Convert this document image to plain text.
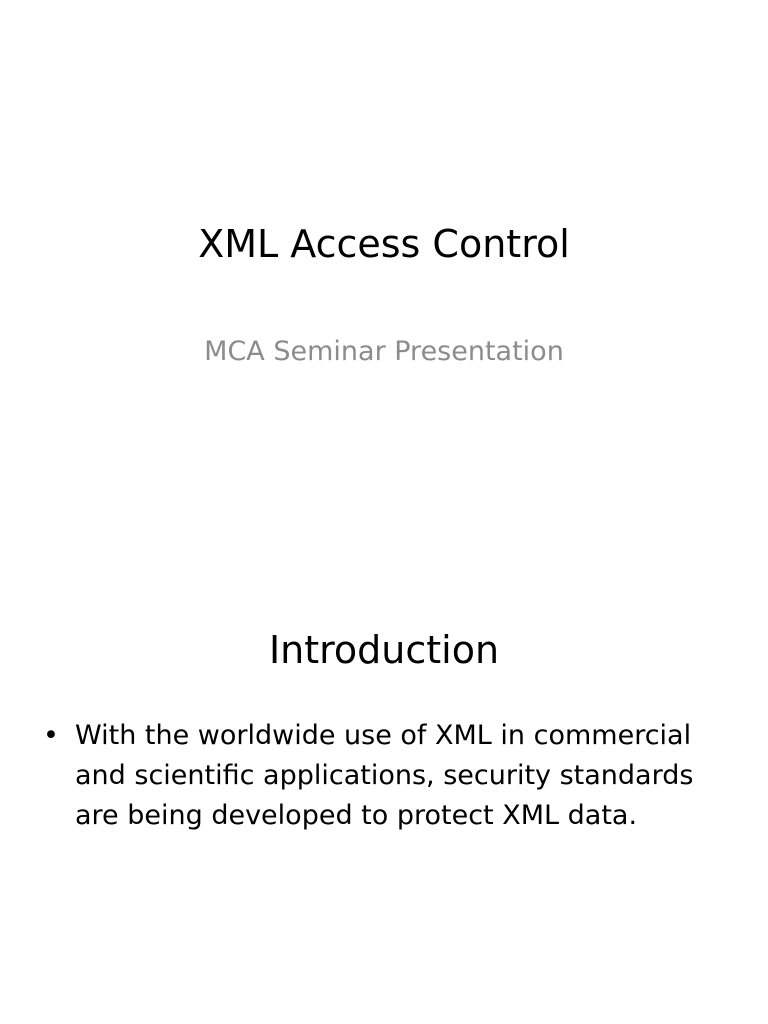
XML Access Control

MCA Seminar Presentation

Introduction
• With the worldwide use of XML in commercial and scientific applications, security standards are being developed to protect XML data.
